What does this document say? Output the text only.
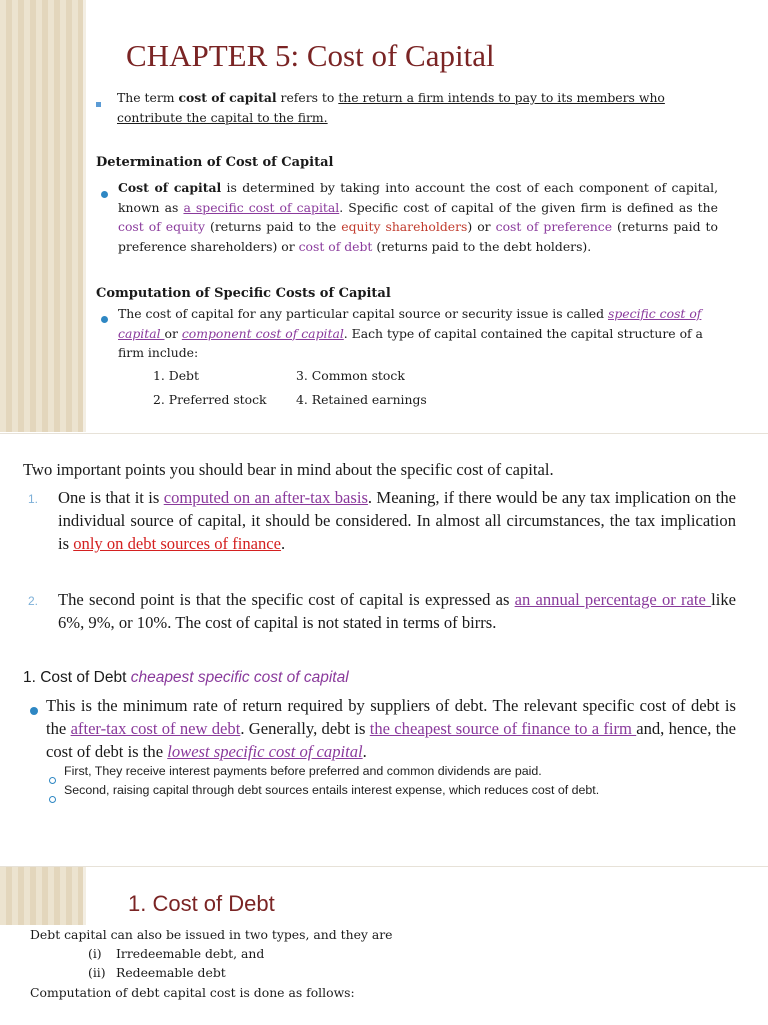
CHAPTER 5: Cost of Capital
The term cost of capital refers to the return a firm intends to pay to its members who contribute the capital to the firm.
Determination of Cost of Capital
Cost of capital is determined by taking into account the cost of each component of capital, known as a specific cost of capital. Specific cost of capital of the given firm is defined as the cost of equity (returns paid to the equity shareholders) or cost of preference (returns paid to preference shareholders) or cost of debt (returns paid to the debt holders).
Computation of Specific Costs of Capital
The cost of capital for any particular capital source or security issue is called specific cost of capital or component cost of capital. Each type of capital contained the capital structure of a firm include:
1. Debt	3. Common stock
2. Preferred stock 4. Retained earnings
Two important points you should bear in mind about the specific cost of capital.
1. One is that it is computed on an after-tax basis. Meaning, if there would be any tax implication on the individual source of capital, it should be considered. In almost all circumstances, the tax implication is only on debt sources of finance.
2. The second point is that the specific cost of capital is expressed as an annual percentage or rate like 6%, 9%, or 10%. The cost of capital is not stated in terms of birrs.
1. Cost of Debt cheapest specific cost of capital
This is the minimum rate of return required by suppliers of debt. The relevant specific cost of debt is the after-tax cost of new debt. Generally, debt is the cheapest source of finance to a firm and, hence, the cost of debt is the lowest specific cost of capital.
First, They receive interest payments before preferred and common dividends are paid.
Second, raising capital through debt sources entails interest expense, which reduces cost of debt.
1. Cost of Debt
Debt capital can also be issued in two types, and they are
(i) Irredeemable debt, and
(ii) Redeemable debt
Computation of debt capital cost is done as follows:
